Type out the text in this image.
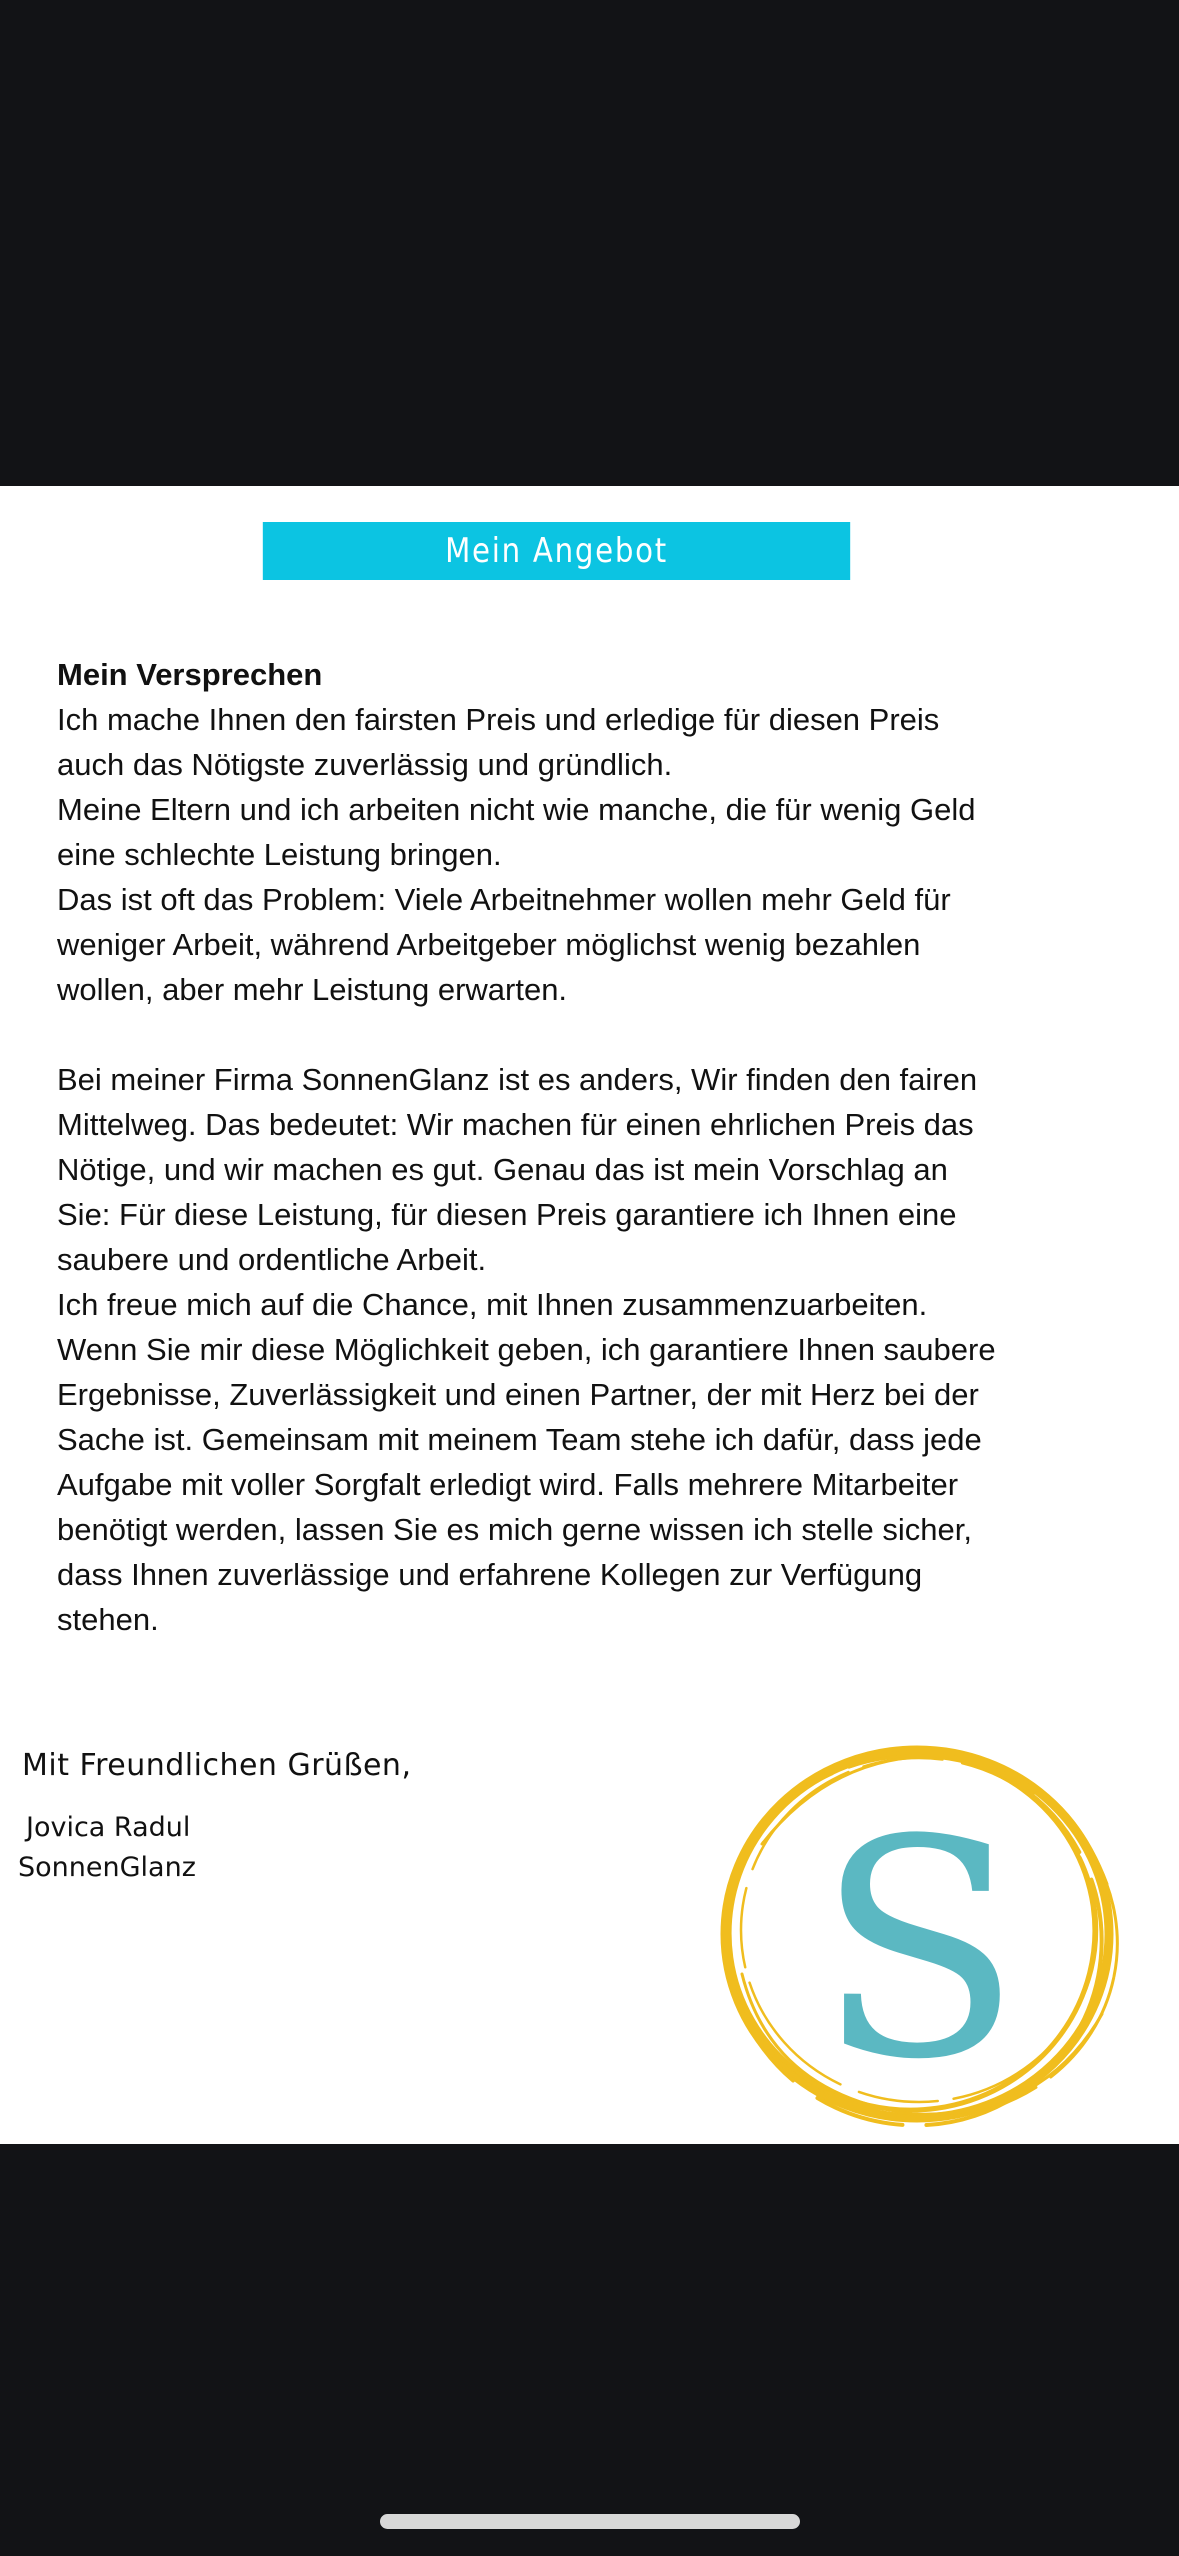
Mein Angebot

Mein Versprechen

Ich mache Ihnen den fairsten Preis und erledige für diesen Preis

auch das Nötigste zuverlässig und gründlich.

Meine Eltern und ich arbeiten nicht wie manche, die für wenig Geld

eine schlechte Leistung bringen.

Das ist oft das Problem: Viele Arbeitnehmer wollen mehr Geld für

weniger Arbeit, während Arbeitgeber möglichst wenig bezahlen

wollen, aber mehr Leistung erwarten.

Bei meiner Firma SonnenGlanz ist es anders, Wir finden den fairen

Mittelweg. Das bedeutet: Wir machen für einen ehrlichen Preis das

Nötige, und wir machen es gut. Genau das ist mein Vorschlag an

Sie: Für diese Leistung, für diesen Preis garantiere ich Ihnen eine

saubere und ordentliche Arbeit.

Ich freue mich auf die Chance, mit Ihnen zusammenzuarbeiten.

Wenn Sie mir diese Möglichkeit geben, ich garantiere Ihnen saubere

Ergebnisse, Zuverlässigkeit und einen Partner, der mit Herz bei der

Sache ist. Gemeinsam mit meinem Team stehe ich dafür, dass jede

Aufgabe mit voller Sorgfalt erledigt wird. Falls mehrere Mitarbeiter

benötigt werden, lassen Sie es mich gerne wissen ich stelle sicher,

dass Ihnen zuverlässige und erfahrene Kollegen zur Verfügung

stehen.

Mit Freundlichen Grüßen,
Jovica Radul
SonnenGlanz S
